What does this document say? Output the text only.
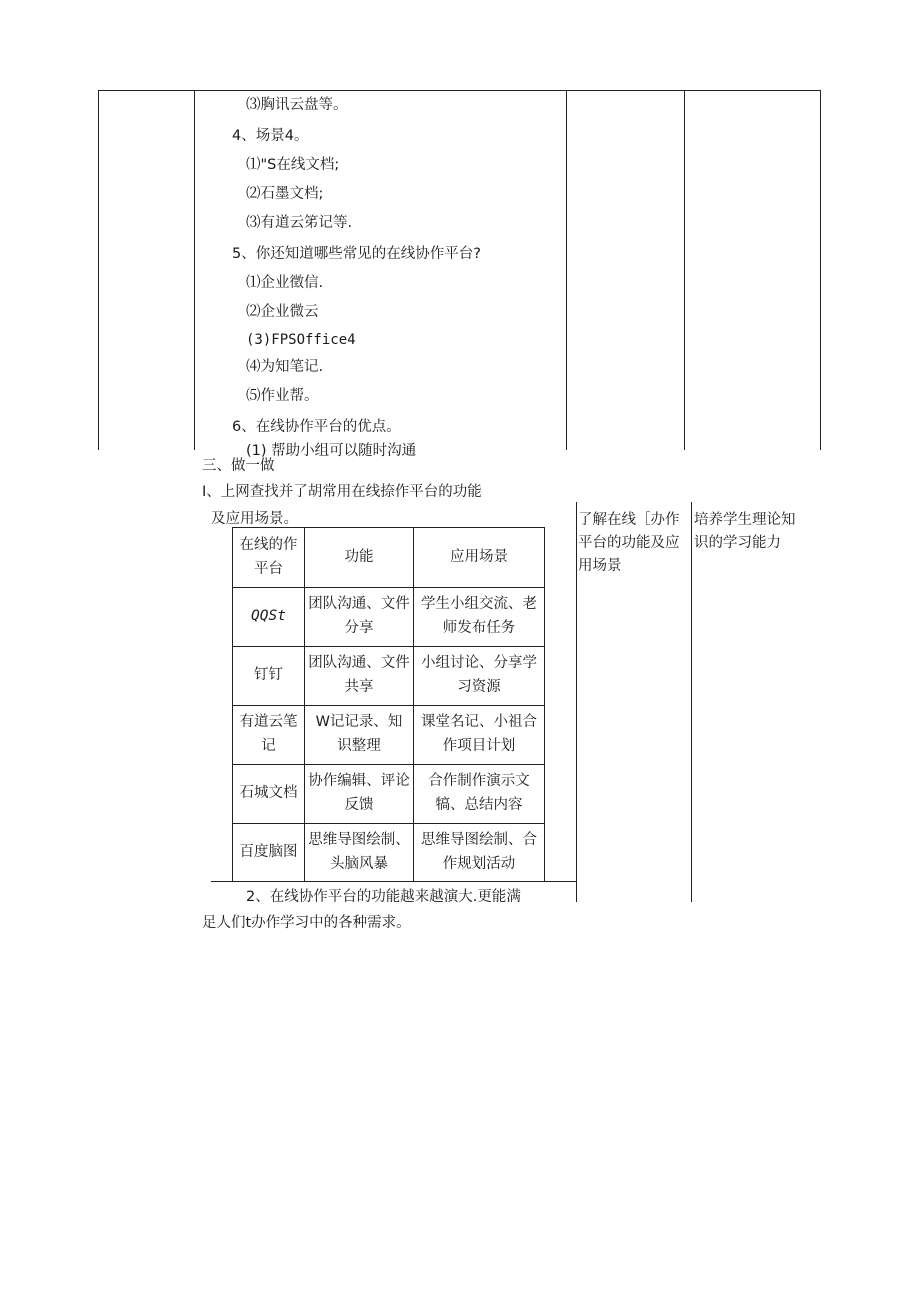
⑶胸讯云盘等。
4、场景4。
⑴"S在线文档;
⑵石墨文档;
⑶有道云笫记等.
5、你还知道哪些常见的在线协作平台?
⑴企业徵信.
⑵企业微云
(3)FPSOffice4
⑷为知笔记.
⑸作业帮。
6、在线协作平台的优点。
(1) 帮助小组可以随时沟通
三、做一做
I、上网查找并了胡常用在线捺作平台的功能
及应用场景。	了解在线［办作
平台的功能及应
用场景
培养学生理论知
识的学习能力
在线的作
平台
功能	应用场景
QQSt
团队沟通、文件
分享
学生小组交流、老
师发布任务
钉钉
团队沟通、文件
共享
小组讨论、分享学
习资源
有道云笔
记
W记记录、知
识整理
课堂名记、小祖合
作项目计划
石城文档
协作编辑、评论
反馈
合作制作演示文
犒、总结内容
百度脑图
思维导图绘制、
头脑风暴
思维导图绘制、合
作规划活动
2、在线协作平台的功能越来越演大.更能满
足人们t办作学习中的各种需求。
